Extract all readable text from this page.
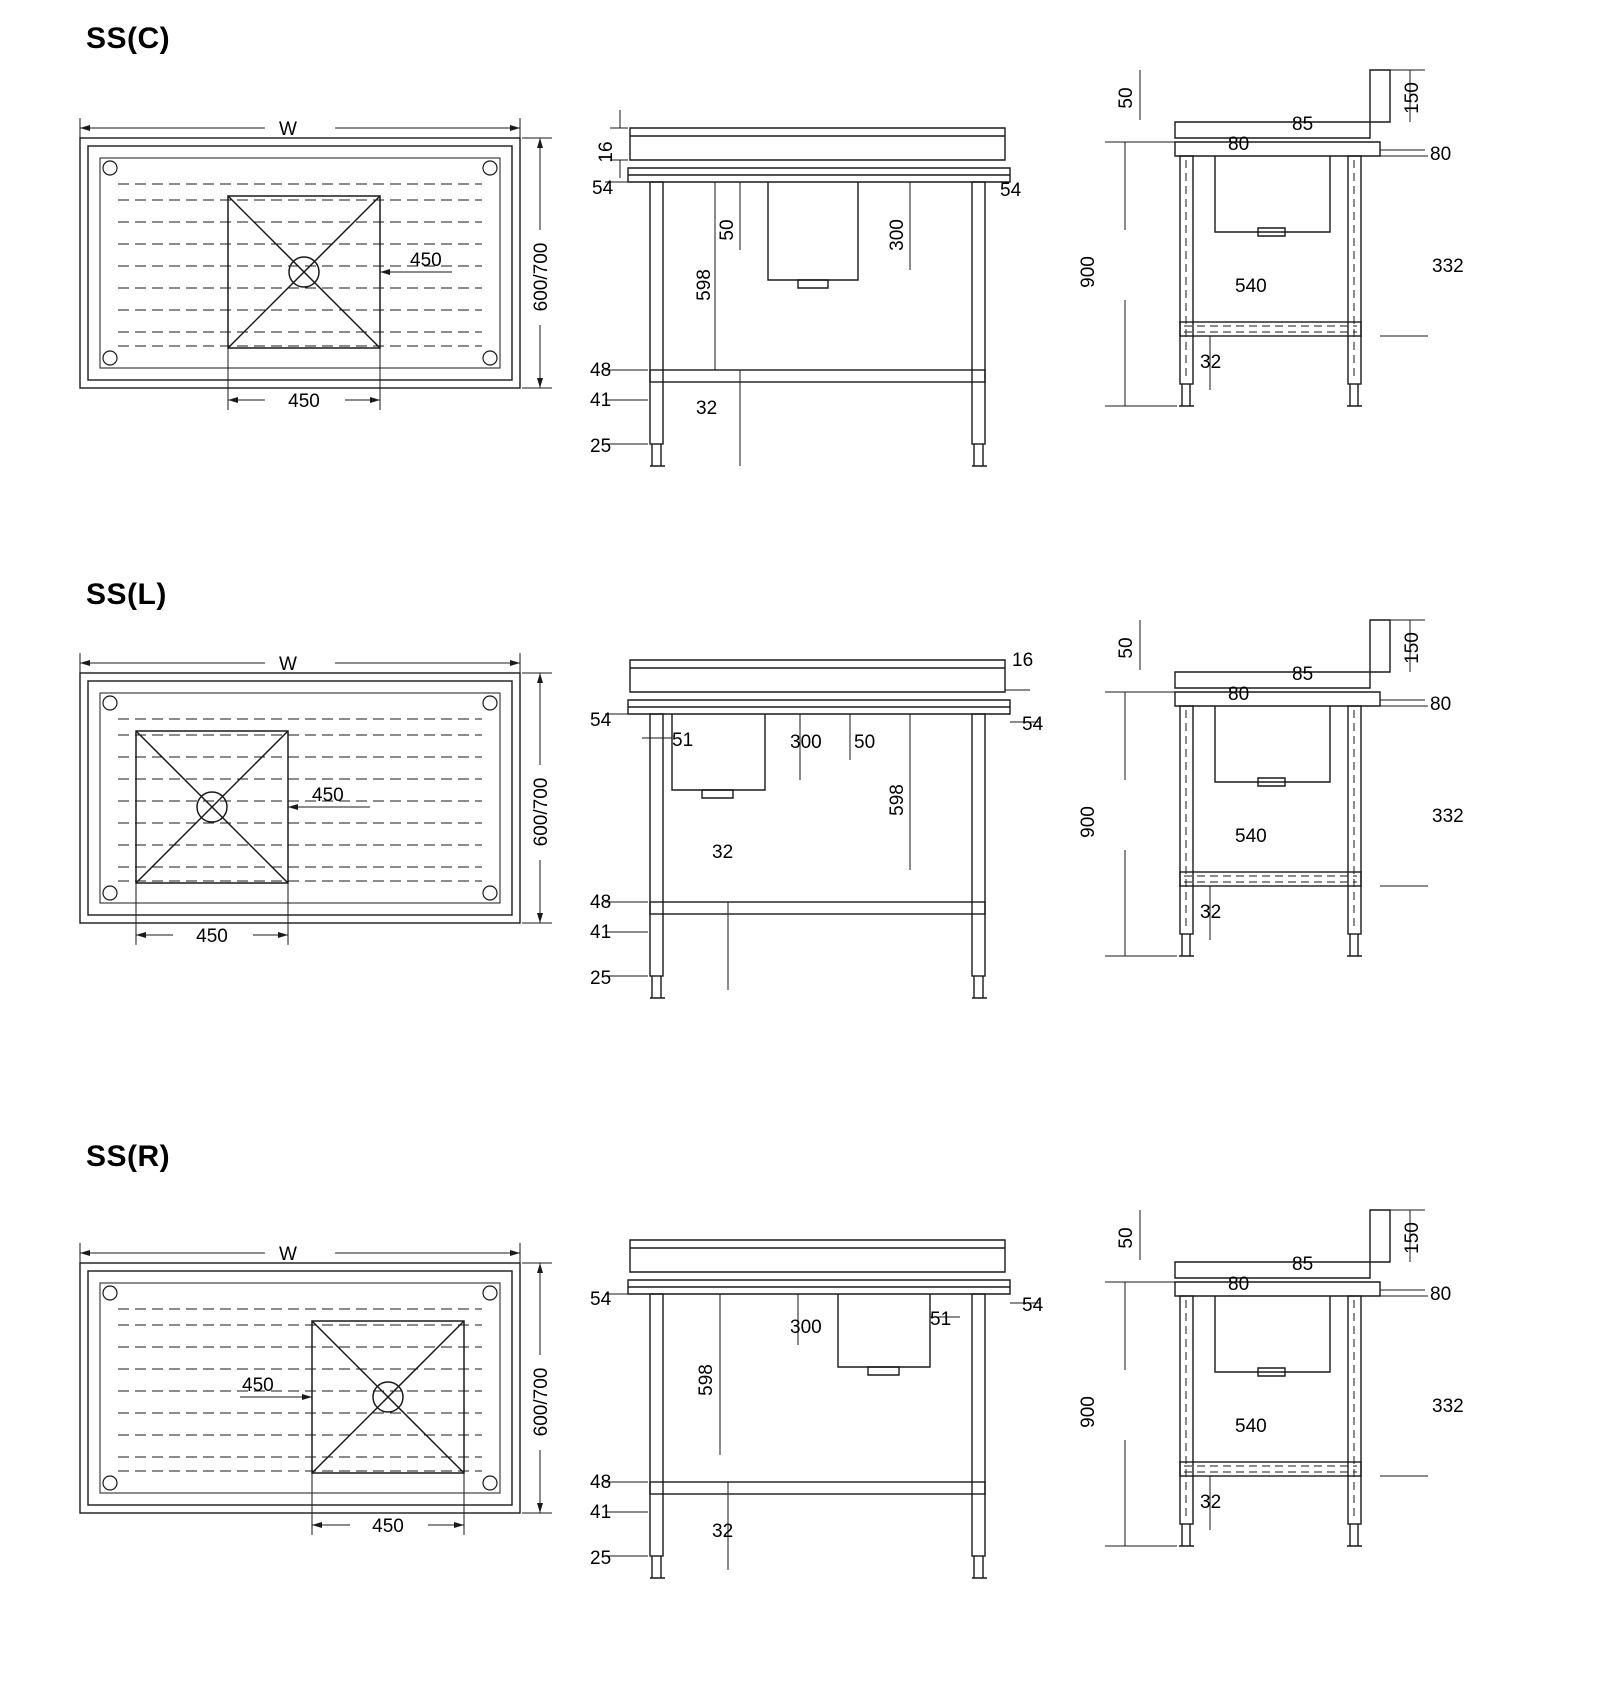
SS(C)
W
600/700
450
450
16
54
50
598
300
54
48
41
25
32
50	150
80
85
80
900	540
332
32
SS(L)
W
600/700
450
450
16
54
51	300 50
54
598
32
48
41
25
50	150
80
85
80
900	540
332
32
SS(R)
W
600/700
450
450
54
300	51
54
598
48
41
25
32
50	150
80
85
80
900	540
332
32
